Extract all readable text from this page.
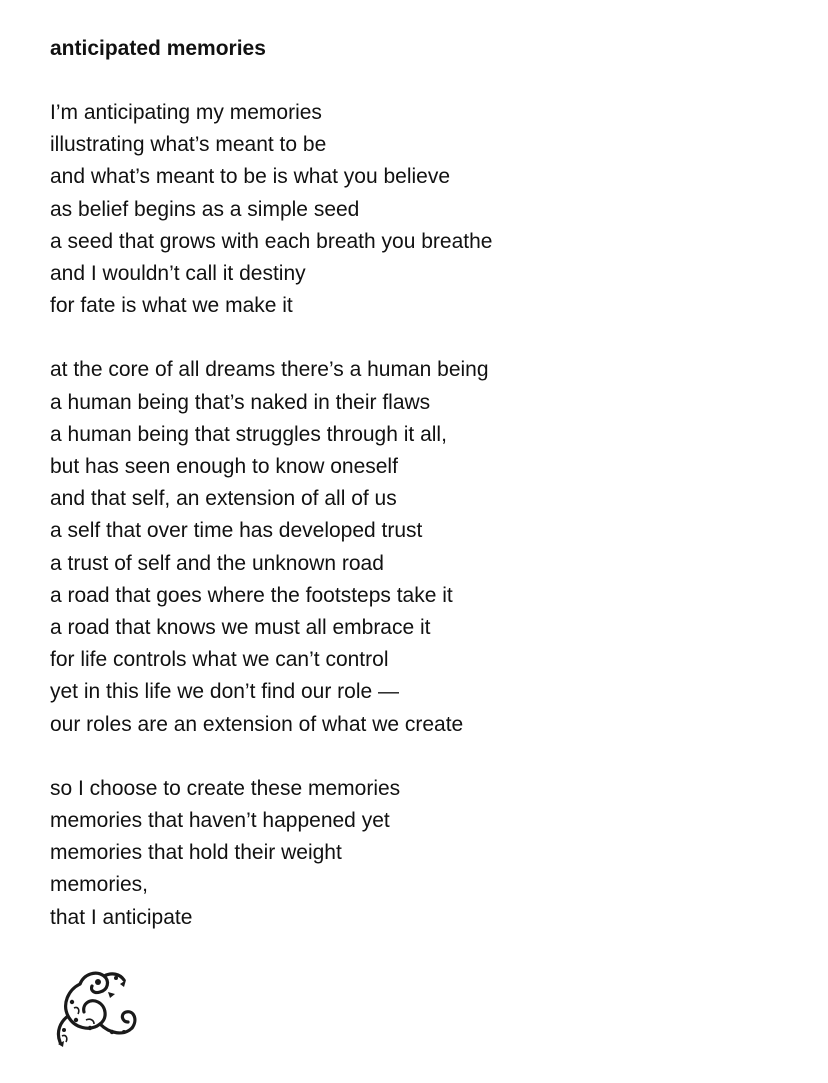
anticipated memories
I’m anticipating my memories
illustrating what’s meant to be
and what’s meant to be is what you believe
as belief begins as a simple seed
a seed that grows with each breath you breathe
and I wouldn’t call it destiny
for fate is what we make it
at the core of all dreams there’s a human being
a human being that’s naked in their flaws
a human being that struggles through it all,
but has seen enough to know oneself
and that self, an extension of all of us
a self that over time has developed trust
a trust of self and the unknown road
a road that goes where the footsteps take it
a road that knows we must all embrace it
for life controls what we can’t control
yet in this life we don’t find our role —
our roles are an extension of what we create
so I choose to create these memories
memories that haven’t happened yet
memories that hold their weight
memories,
that I anticipate
